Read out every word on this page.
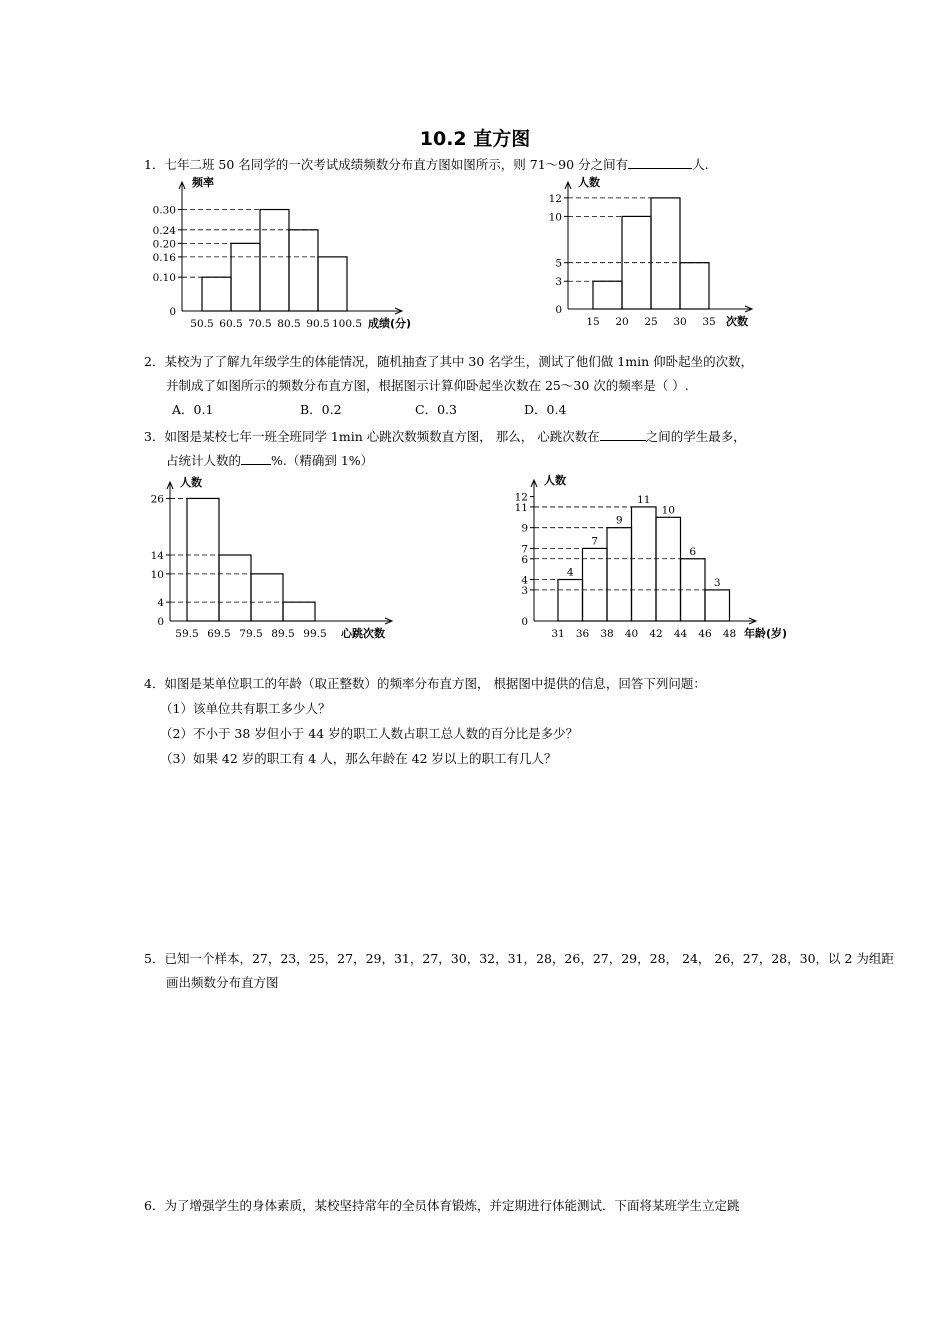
10.2 直方图
1．七年二班 50 名同学的一次考试成绩频数分布直方图如图所示，则 71～90 分之间有	人.
0
0.10
0.16
0.20
0.24
0.30
50.5 60.5 70.5 80.5 90.5 100.5
频率
成绩(分)
0
3
5
10
12
15 20 25 30 35
人数
次数
2．某校为了了解九年级学生的体能情况，随机抽查了其中 30 名学生，测试了他们做 1min 仰卧起坐的次数，
并制成了如图所示的频数分布直方图，根据图示计算仰卧起坐次数在 25～30 次的频率是（ ）.
A．0.1	B．0.2	C．0.3	D．0.4
3．如图是某校七年一班全班同学 1min 心跳次数频数直方图， 那么， 心跳次数在	之间的学生最多，
占统计人数的 %.（精确到 1%）
0
4
10
14
26
59.5 69.5 79.5 89.5 99.5
人数
心跳次数
0
3
4
6
7
9
11
12
4
7
9
11
10
6
3
31 36 38 40 42 44 46 48
人数
年龄(岁)
4．如图是某单位职工的年龄（取正整数）的频率分布直方图， 根据图中提供的信息，回答下列问题：
（1）该单位共有职工多少人？
（2）不小于 38 岁但小于 44 岁的职工人数占职工总人数的百分比是多少？
（3）如果 42 岁的职工有 4 人，那么年龄在 42 岁以上的职工有几人？
5．已知一个样本，27，23，25，27，29，31，27，30，32，31，28，26，27，29，28， 24， 26，27，28，30，以 2 为组距
画出频数分布直方图
6．为了增强学生的身体素质，某校坚持常年的全员体育锻炼，并定期进行体能测试．下面将某班学生立定跳
